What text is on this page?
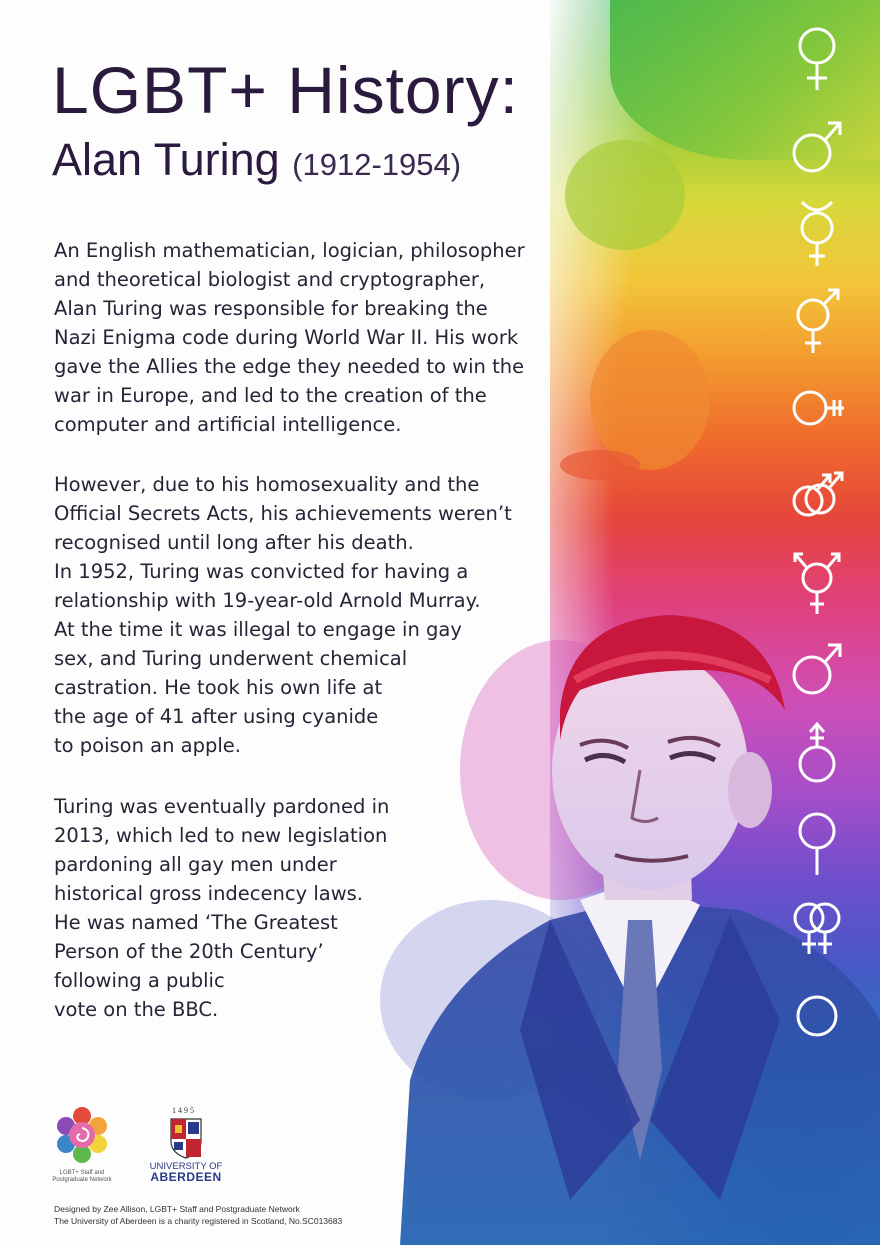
LGBT+ History:
Alan Turing (1912-1954)

An English mathematician, logician, philosopher
and theoretical biologist and cryptographer,
Alan Turing was responsible for breaking the
Nazi Enigma code during World War II. His work
gave the Allies the edge they needed to win the
war in Europe, and led to the creation of the
computer and artificial intelligence.

However, due to his homosexuality and the
Official Secrets Acts, his achievements weren’t
recognised until long after his death.
In 1952, Turing was convicted for having a
relationship with 19-year-old Arnold Murray.
At the time it was illegal to engage in gay
sex, and Turing underwent chemical
castration. He took his own life at
the age of 41 after using cyanide
to poison an apple.

Turing was eventually pardoned in
2013, which led to new legislation
pardoning all gay men under
historical gross indecency laws.
He was named ‘The Greatest
Person of the 20th Century’
following a public
vote on the BBC.

LGBT+ Staff and
Postgraduate Network
1495
UNIVERSITY OF
ABERDEEN

Designed by Zee Allison, LGBT+ Staff and Postgraduate Network
The University of Aberdeen is a charity registered in Scotland, No.SC013683
